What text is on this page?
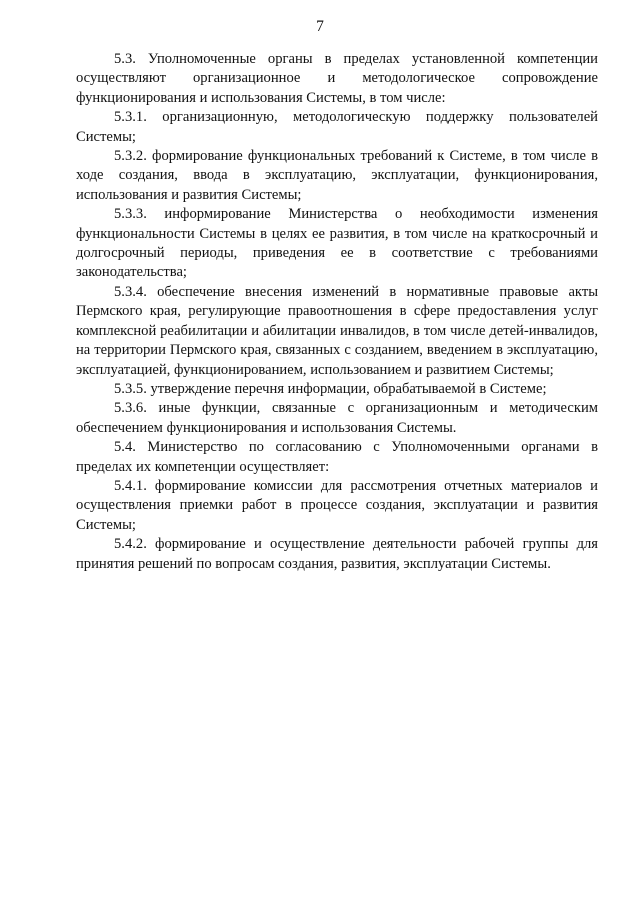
7

5.3. Уполномоченные органы в пределах установленной компетенции осуществляют организационное и методологическое сопровождение функционирования и использования Системы, в том числе:

5.3.1. организационную, методологическую поддержку пользователей Системы;

5.3.2. формирование функциональных требований к Системе, в том числе в ходе создания, ввода в эксплуатацию, эксплуатации, функционирования, использования и развития Системы;

5.3.3. информирование Министерства о необходимости изменения функциональности Системы в целях ее развития, в том числе на краткосрочный и долгосрочный периоды, приведения ее в соответствие с требованиями законодательства;

5.3.4. обеспечение внесения изменений в нормативные правовые акты Пермского края, регулирующие правоотношения в сфере предоставления услуг комплексной реабилитации и абилитации инвалидов, в том числе детей-инвалидов, на территории Пермского края, связанных с созданием, введением в эксплуатацию, эксплуатацией, функционированием, использованием и развитием Системы;

5.3.5. утверждение перечня информации, обрабатываемой в Системе;

5.3.6. иные функции, связанные с организационным и методическим обеспечением функционирования и использования Системы.

5.4. Министерство по согласованию с Уполномоченными органами в пределах их компетенции осуществляет:

5.4.1. формирование комиссии для рассмотрения отчетных материалов и осуществления приемки работ в процессе создания, эксплуатации и развития Системы;

5.4.2. формирование и осуществление деятельности рабочей группы для принятия решений по вопросам создания, развития, эксплуатации Системы.
